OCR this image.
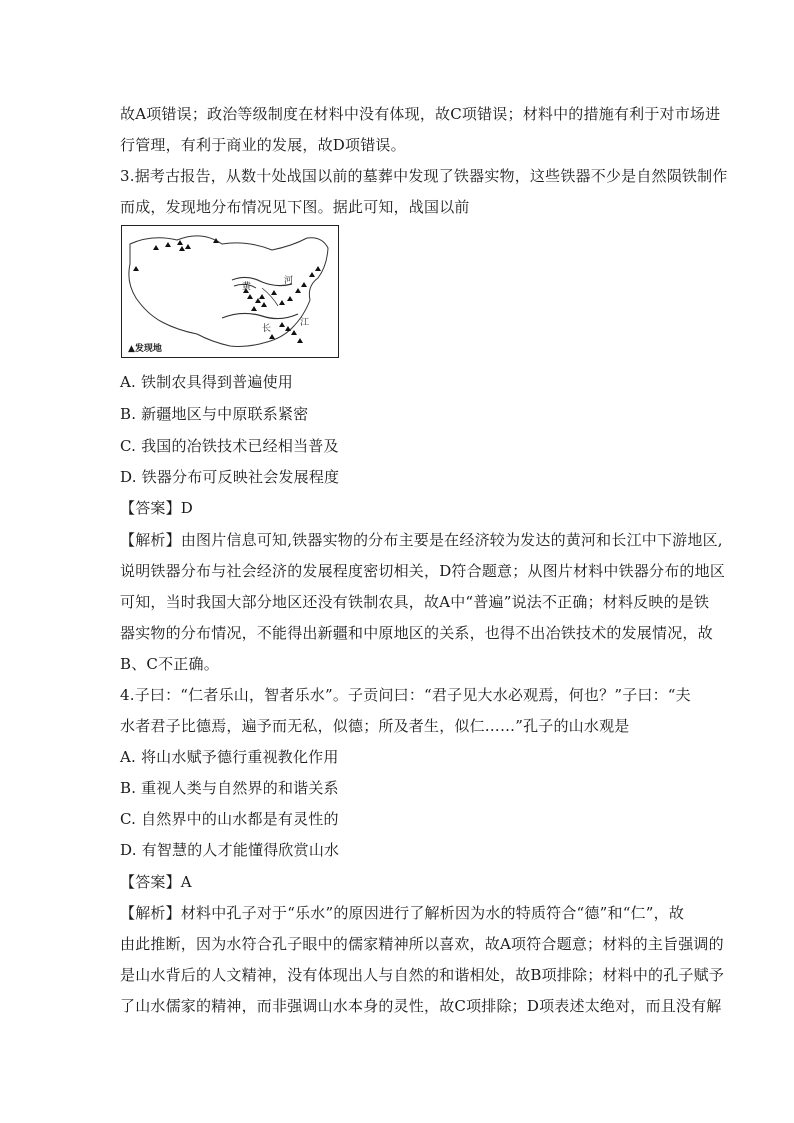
故A项错误；政治等级制度在材料中没有体现，故C项错误；材料中的措施有利于对市场进
行管理，有利于商业的发展，故D项错误。
3.据考古报告，从数十处战国以前的墓葬中发现了铁器实物，这些铁器不少是自然陨铁制作
而成，发现地分布情况见下图。据此可知，战国以前
黄
河
长
江
▲发现地
A. 铁制农具得到普遍使用
B. 新疆地区与中原联系紧密
C. 我国的冶铁技术已经相当普及
D. 铁器分布可反映社会发展程度
【答案】D
【解析】由图片信息可知,铁器实物的分布主要是在经济较为发达的黄河和长江中下游地区,
说明铁器分布与社会经济的发展程度密切相关，D符合题意；从图片材料中铁器分布的地区
可知，当时我国大部分地区还没有铁制农具，故A中“普遍”说法不正确；材料反映的是铁
器实物的分布情况，不能得出新疆和中原地区的关系，也得不出冶铁技术的发展情况，故
B、C不正确。
4.子曰：“仁者乐山，智者乐水”。子贡问曰：“君子见大水必观焉，何也？”子曰：“夫
水者君子比德焉，遍予而无私，似德；所及者生，似仁……”孔子的山水观是
A. 将山水赋予德行重视教化作用
B. 重视人类与自然界的和谐关系
C. 自然界中的山水都是有灵性的
D. 有智慧的人才能懂得欣赏山水
【答案】A
【解析】材料中孔子对于“乐水”的原因进行了解析因为水的特质符合“德”和“仁”，故
由此推断，因为水符合孔子眼中的儒家精神所以喜欢，故A项符合题意；材料的主旨强调的
是山水背后的人文精神，没有体现出人与自然的和谐相处，故B项排除；材料中的孔子赋予
了山水儒家的精神，而非强调山水本身的灵性，故C项排除；D项表述太绝对，而且没有解
